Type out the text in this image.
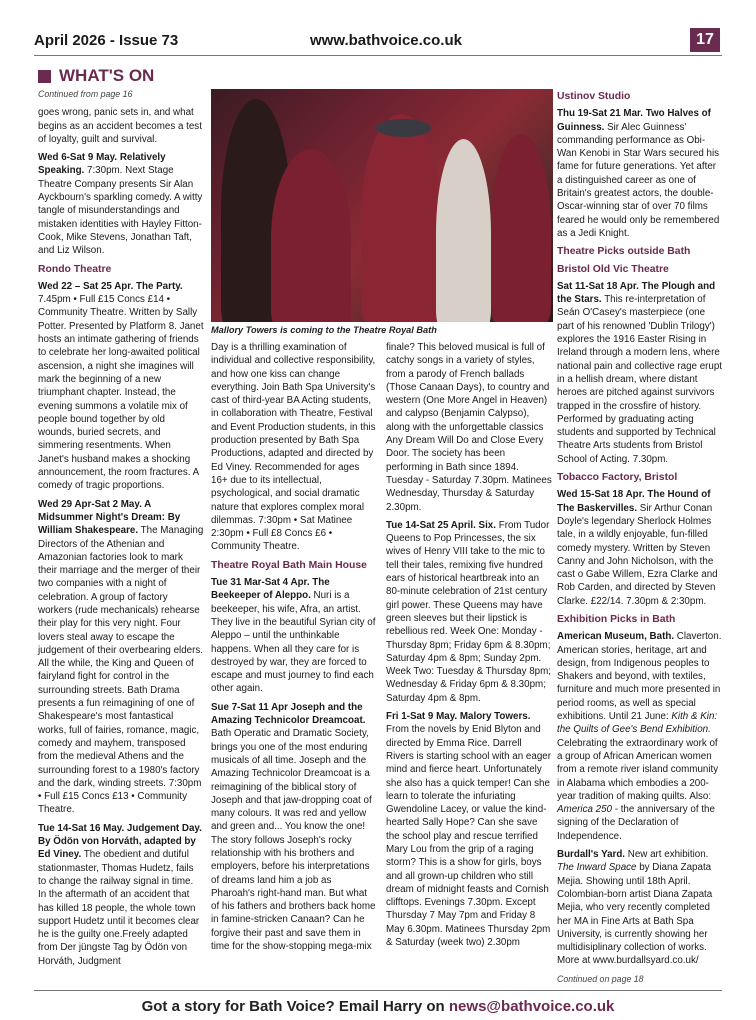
April 2026 - Issue 73	www.bathvoice.co.uk	17
WHAT'S ON

Continued from page 16

goes wrong, panic sets in, and what begins as an accident becomes a test of loyalty, guilt and survival.

Wed 6-Sat 9 May. Relatively Speaking. 7:30pm. Next Stage Theatre Company presents Sir Alan Ayckbourn's sparkling comedy. A witty tangle of misunderstandings and mistaken identities with Hayley Fitton-Cook, Mike Stevens, Jonathan Taft, and Liz Wilson.

Rondo Theatre

Wed 22 – Sat 25 Apr. The Party. 7.45pm • Full £15 Concs £14 • Community Theatre. Written by Sally Potter. Presented by Platform 8. Janet hosts an intimate gathering of friends to celebrate her long-awaited political ascension, a night she imagines will mark the beginning of a new triumphant chapter. Instead, the evening summons a volatile mix of people bound together by old wounds, buried secrets, and simmering resentments. When Janet's husband makes a shocking announcement, the room fractures. A comedy of tragic proportions.

Wed 29 Apr-Sat 2 May. A Midsummer Night's Dream: By William Shakespeare. The Managing Directors of the Athenian and Amazonian factories look to mark their marriage and the merger of their two companies with a night of celebration. A group of factory workers (rude mechanicals) rehearse their play for this very night. Four lovers steal away to escape the judgement of their overbearing elders. All the while, the King and Queen of fairyland fight for control in the surrounding streets. Bath Drama presents a fun reimagining of one of Shakespeare's most fantastical works, full of fairies, romance, magic, comedy and mayhem, transposed from the medieval Athens and the surrounding forest to a 1980's factory and the dark, winding streets. 7:30pm • Full £15 Concs £13 • Community Theatre.

Tue 14-Sat 16 May. Judgement Day. By Ödön von Horváth, adapted by Ed Viney. The obedient and dutiful stationmaster, Thomas Hudetz, fails to change the railway signal in time. In the aftermath of an accident that has killed 18 people, the whole town support Hudetz until it becomes clear he is the guilty one.Freely adapted from Der jüngste Tag by Ödön von Horváth, Judgment

Mallory Towers is coming to the Theatre Royal Bath

Day is a thrilling examination of individual and collective responsibility, and how one kiss can change everything. Join Bath Spa University's cast of third-year BA Acting students, in collaboration with Theatre, Festival and Event Production students, in this production presented by Bath Spa Productions, adapted and directed by Ed Viney. Recommended for ages 16+ due to its intellectual, psychological, and social dramatic nature that explores complex moral dilemmas. 7:30pm • Sat Matinee 2:30pm • Full £8 Concs £6 • Community Theatre.

Theatre Royal Bath Main House

Tue 31 Mar-Sat 4 Apr. The Beekeeper of Aleppo. Nuri is a beekeeper, his wife, Afra, an artist. They live in the beautiful Syrian city of Aleppo – until the unthinkable happens. When all they care for is destroyed by war, they are forced to escape and must journey to find each other again.

Sue 7-Sat 11 Apr Joseph and the Amazing Technicolor Dreamcoat. Bath Operatic and Dramatic Society, brings you one of the most enduring musicals of all time. Joseph and the Amazing Technicolor Dreamcoat is a reimagining of the biblical story of Joseph and that jaw-dropping coat of many colours. It was red and yellow and green and... You know the one! The story follows Joseph's rocky relationship with his brothers and employers, before his interpretations of dreams land him a job as Pharoah's right-hand man. But what of his fathers and brothers back home in famine-stricken Canaan? Can he forgive their past and save them in time for the show-stopping mega-mix

finale? This beloved musical is full of catchy songs in a variety of styles, from a parody of French ballads (Those Canaan Days), to country and western (One More Angel in Heaven) and calypso (Benjamin Calypso), along with the unforgettable classics Any Dream Will Do and Close Every Door. The society has been performing in Bath since 1894. Tuesday - Saturday 7.30pm. Matinees Wednesday, Thursday & Saturday 2.30pm.

Tue 14-Sat 25 April. Six. From Tudor Queens to Pop Princesses, the six wives of Henry VIII take to the mic to tell their tales, remixing five hundred ears of historical heartbreak into an 80-minute celebration of 21st century girl power. These Queens may have green sleeves but their lipstick is rebellious red. Week One: Monday - Thursday 8pm; Friday 6pm & 8.30pm; Saturday 4pm & 8pm; Sunday 2pm. Week Two: Tuesday & Thursday 8pm; Wednesday & Friday 6pm & 8.30pm; Saturday 4pm & 8pm.

Fri 1-Sat 9 May. Malory Towers. From the novels by Enid Blyton and directed by Emma Rice. Darrell Rivers is starting school with an eager mind and fierce heart. Unfortunately she also has a quick temper! Can she learn to tolerate the infuriating Gwendoline Lacey, or value the kind-hearted Sally Hope? Can she save the school play and rescue terrified Mary Lou from the grip of a raging storm? This is a show for girls, boys and all grown-up children who still dream of midnight feasts and Cornish clifftops. Evenings 7.30pm. Except Thursday 7 May 7pm and Friday 8 May 6.30pm. Matinees Thursday 2pm & Saturday (week two) 2.30pm

Ustinov Studio

Thu 19-Sat 21 Mar. Two Halves of Guinness. Sir Alec Guinness' commanding performance as Obi-Wan Kenobi in Star Wars secured his fame for future generations. Yet after a distinguished career as one of Britain's greatest actors, the double-Oscar-winning star of over 70 films feared he would only be remembered as a Jedi Knight.

Theatre Picks outside Bath
Bristol Old Vic Theatre

Sat 11-Sat 18 Apr. The Plough and the Stars. This re-interpretation of Seán O'Casey's masterpiece (one part of his renowned 'Dublin Trilogy') explores the 1916 Easter Rising in Ireland through a modern lens, where national pain and collective rage erupt in a hellish dream, where distant heroes are pitched against survivors trapped in the crossfire of history. Performed by graduating acting students and supported by Technical Theatre Arts students from Bristol School of Acting. 7.30pm.

Tobacco Factory, Bristol

Wed 15-Sat 18 Apr. The Hound of The Baskervilles. Sir Arthur Conan Doyle's legendary Sherlock Holmes tale, in a wildly enjoyable, fun-filled comedy mystery. Written by Steven Canny and John Nicholson, with the cast o Gabe Willem, Ezra Clarke and Rob Carden, and directed by Steven Clarke. £22/14. 7.30pm & 2:30pm.

Exhibition Picks in Bath

American Museum, Bath. Claverton. American stories, heritage, art and design, from Indigenous peoples to Shakers and beyond, with textiles, furniture and much more presented in period rooms, as well as special exhibitions. Until 21 June: Kith & Kin: the Quilts of Gee's Bend Exhibition. Celebrating the extraordinary work of a group of African American women from a remote river island community in Alabama which embodies a 200-year tradition of making quilts. Also: America 250 - the anniversary of the signing of the Declaration of Independence.

Burdall's Yard. New art exhibition. The Inward Space by Diana Zapata Mejia. Showing until 18th April. Colombian-born artist Diana Zapata Mejia, who very recently completed her MA in Fine Arts at Bath Spa University, is currently showing her multidisiplinary collection of works. More at www.burdallsyard.co.uk/

Continued on page 18

Got a story for Bath Voice? Email Harry on news@bathvoice.co.uk
